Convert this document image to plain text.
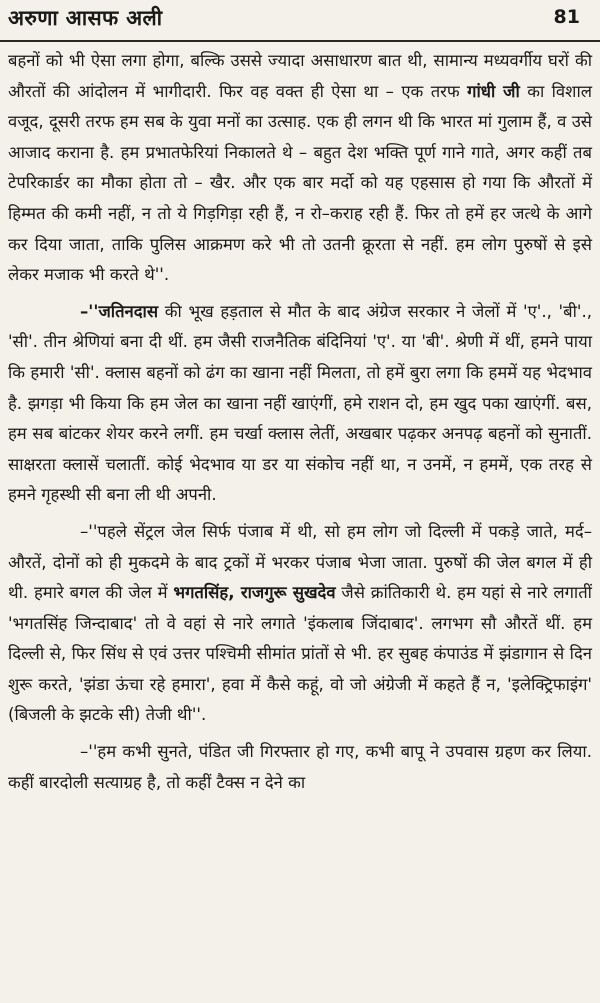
अरुणा आसफ अली	81

बहनों को भी ऐसा लगा होगा, बल्कि उससे ज्यादा असाधारण बात थी, सामान्य मध्यवर्गीय घरों की औरतों की आंदोलन में भागीदारी. फिर वह वक्त ही ऐसा था – एक तरफ गांधी जी का विशाल वजूद, दूसरी तरफ हम सब के युवा मनों का उत्साह. एक ही लगन थी कि भारत मां गुलाम हैं, व उसे आजाद कराना है. हम प्रभातफेरियां निकालते थे – बहुत देश भक्ति पूर्ण गाने गाते, अगर कहीं तब टेपरिकार्डर का मौका होता तो – खैर. और एक बार मर्दो को यह एहसास हो गया कि औरतों में हिम्मत की कमी नहीं, न तो ये गिड़गिड़ा रही हैं, न रो–कराह रही हैं. फिर तो हमें हर जत्थे के आगे कर दिया जाता, ताकि पुलिस आक्रमण करे भी तो उतनी क्रूरता से नहीं. हम लोग पुरुषों से इसे लेकर मजाक भी करते थे''.

–''जतिनदास की भूख हड़ताल से मौत के बाद अंग्रेज सरकार ने जेलों में 'ए'., 'बी'., 'सी'. तीन श्रेणियां बना दी थीं. हम जैसी राजनैतिक बंदिनियां 'ए'. या 'बी'. श्रेणी में थीं, हमने पाया कि हमारी 'सी'. क्लास बहनों को ढंग का खाना नहीं मिलता, तो हमें बुरा लगा कि हममें यह भेदभाव है. झगड़ा भी किया कि हम जेल का खाना नहीं खाएंगीं, हमे राशन दो, हम खुद पका खाएंगीं. बस, हम सब बांटकर शेयर करने लगीं. हम चर्खा क्लास लेतीं, अखबार पढ़कर अनपढ़ बहनों को सुनातीं. साक्षरता क्लासें चलातीं. कोई भेदभाव या डर या संकोच नहीं था, न उनमें, न हममें, एक तरह से हमने गृहस्थी सी बना ली थी अपनी.

–''पहले सेंट्रल जेल सिर्फ पंजाब में थी, सो हम लोग जो दिल्ली में पकड़े जाते, मर्द–औरतें, दोनों को ही मुकदमे के बाद ट्रकों में भरकर पंजाब भेजा जाता. पुरुषों की जेल बगल में ही थी. हमारे बगल की जेल में भगतसिंह, राजगुरू सुखदेव जैसे क्रांतिकारी थे. हम यहां से नारे लगातीं 'भगतसिंह जिन्दाबाद' तो वे वहां से नारे लगाते 'इंकलाब जिंदाबाद'. लगभग सौ औरतें थीं. हम दिल्ली से, फिर सिंध से एवं उत्तर पश्चिमी सीमांत प्रांतों से भी. हर सुबह कंपाउंड में झंडागान से दिन शुरू करते, 'झंडा ऊंचा रहे हमारा', हवा में कैसे कहूं, वो जो अंग्रेजी में कहते हैं न, 'इलेक्ट्रिफाइंग' (बिजली के झटके सी) तेजी थी''.

–''हम कभी सुनते, पंडित जी गिरफ्तार हो गए, कभी बापू ने उपवास ग्रहण कर लिया. कहीं बारदोली सत्याग्रह है, तो कहीं टैक्स न देने का
